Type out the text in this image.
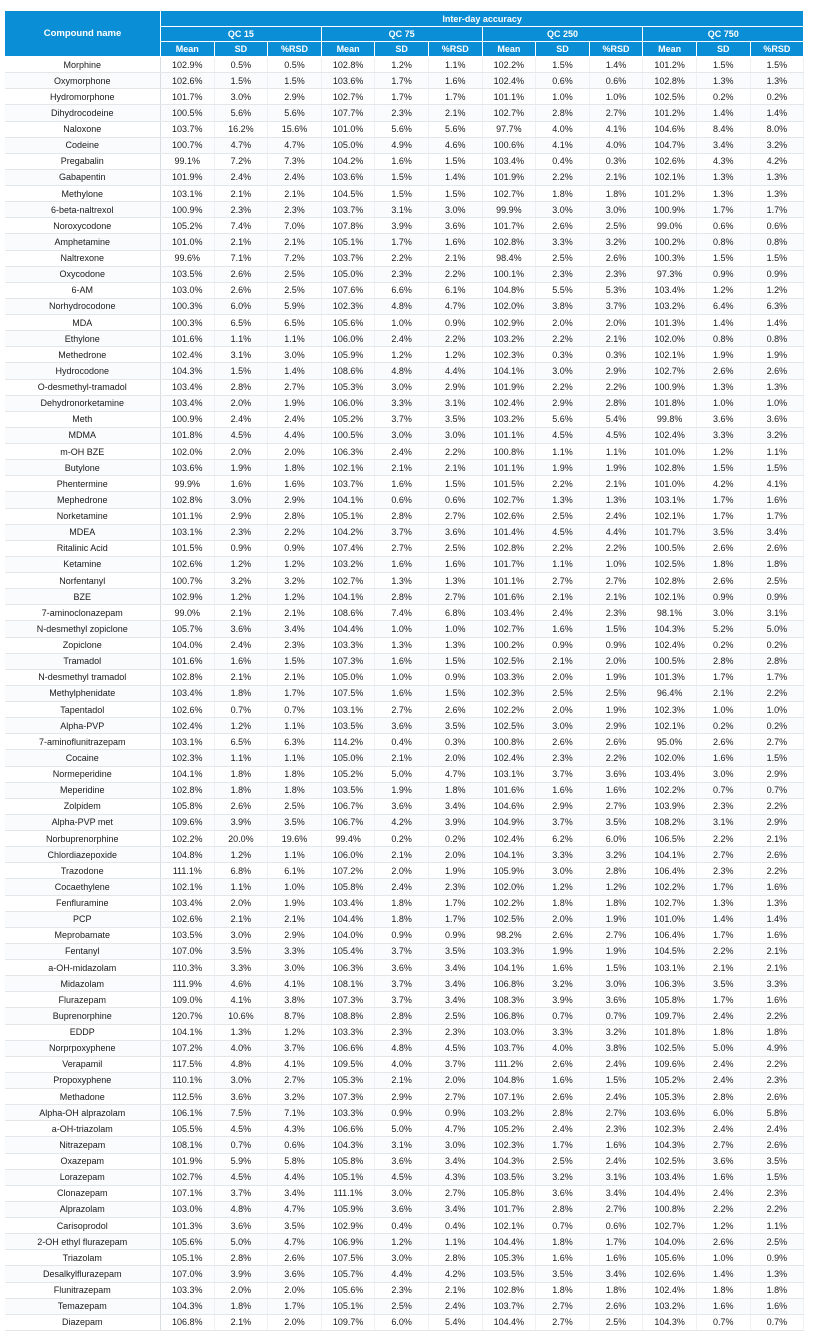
Compound name	Inter-day accuracy											
	QC 15			QC 75			QC 250			QC 750		
	Mean	SD	%RSD	Mean	SD	%RSD	Mean	SD	%RSD	Mean	SD	%RSD
Morphine	102.9%	0.5%	0.5%	102.8%	1.2%	1.1%	102.2%	1.5%	1.4%	101.2%	1.5%	1.5%
Oxymorphone	102.6%	1.5%	1.5%	103.6%	1.7%	1.6%	102.4%	0.6%	0.6%	102.8%	1.3%	1.3%
Hydromorphone	101.7%	3.0%	2.9%	102.7%	1.7%	1.7%	101.1%	1.0%	1.0%	102.5%	0.2%	0.2%
Dihydrocodeine	100.5%	5.6%	5.6%	107.7%	2.3%	2.1%	102.7%	2.8%	2.7%	101.2%	1.4%	1.4%
Naloxone	103.7%	16.2%	15.6%	101.0%	5.6%	5.6%	97.7%	4.0%	4.1%	104.6%	8.4%	8.0%
Codeine	100.7%	4.7%	4.7%	105.0%	4.9%	4.6%	100.6%	4.1%	4.0%	104.7%	3.4%	3.2%
Pregabalin	99.1%	7.2%	7.3%	104.2%	1.6%	1.5%	103.4%	0.4%	0.3%	102.6%	4.3%	4.2%
Gabapentin	101.9%	2.4%	2.4%	103.6%	1.5%	1.4%	101.9%	2.2%	2.1%	102.1%	1.3%	1.3%
Methylone	103.1%	2.1%	2.1%	104.5%	1.5%	1.5%	102.7%	1.8%	1.8%	101.2%	1.3%	1.3%
6-beta-naltrexol	100.9%	2.3%	2.3%	103.7%	3.1%	3.0%	99.9%	3.0%	3.0%	100.9%	1.7%	1.7%
Noroxycodone	105.2%	7.4%	7.0%	107.8%	3.9%	3.6%	101.7%	2.6%	2.5%	99.0%	0.6%	0.6%
Amphetamine	101.0%	2.1%	2.1%	105.1%	1.7%	1.6%	102.8%	3.3%	3.2%	100.2%	0.8%	0.8%
Naltrexone	99.6%	7.1%	7.2%	103.7%	2.2%	2.1%	98.4%	2.5%	2.6%	100.3%	1.5%	1.5%
Oxycodone	103.5%	2.6%	2.5%	105.0%	2.3%	2.2%	100.1%	2.3%	2.3%	97.3%	0.9%	0.9%
6-AM	103.0%	2.6%	2.5%	107.6%	6.6%	6.1%	104.8%	5.5%	5.3%	103.4%	1.2%	1.2%
Norhydrocodone	100.3%	6.0%	5.9%	102.3%	4.8%	4.7%	102.0%	3.8%	3.7%	103.2%	6.4%	6.3%
MDA	100.3%	6.5%	6.5%	105.6%	1.0%	0.9%	102.9%	2.0%	2.0%	101.3%	1.4%	1.4%
Ethylone	101.6%	1.1%	1.1%	106.0%	2.4%	2.2%	103.2%	2.2%	2.1%	102.0%	0.8%	0.8%
Methedrone	102.4%	3.1%	3.0%	105.9%	1.2%	1.2%	102.3%	0.3%	0.3%	102.1%	1.9%	1.9%
Hydrocodone	104.3%	1.5%	1.4%	108.6%	4.8%	4.4%	104.1%	3.0%	2.9%	102.7%	2.6%	2.6%
O-desmethyl-tramadol	103.4%	2.8%	2.7%	105.3%	3.0%	2.9%	101.9%	2.2%	2.2%	100.9%	1.3%	1.3%
Dehydronorketamine	103.4%	2.0%	1.9%	106.0%	3.3%	3.1%	102.4%	2.9%	2.8%	101.8%	1.0%	1.0%
Meth	100.9%	2.4%	2.4%	105.2%	3.7%	3.5%	103.2%	5.6%	5.4%	99.8%	3.6%	3.6%
MDMA	101.8%	4.5%	4.4%	100.5%	3.0%	3.0%	101.1%	4.5%	4.5%	102.4%	3.3%	3.2%
m-OH BZE	102.0%	2.0%	2.0%	106.3%	2.4%	2.2%	100.8%	1.1%	1.1%	101.0%	1.2%	1.1%
Butylone	103.6%	1.9%	1.8%	102.1%	2.1%	2.1%	101.1%	1.9%	1.9%	102.8%	1.5%	1.5%
Phentermine	99.9%	1.6%	1.6%	103.7%	1.6%	1.5%	101.5%	2.2%	2.1%	101.0%	4.2%	4.1%
Mephedrone	102.8%	3.0%	2.9%	104.1%	0.6%	0.6%	102.7%	1.3%	1.3%	103.1%	1.7%	1.6%
Norketamine	101.1%	2.9%	2.8%	105.1%	2.8%	2.7%	102.6%	2.5%	2.4%	102.1%	1.7%	1.7%
MDEA	103.1%	2.3%	2.2%	104.2%	3.7%	3.6%	101.4%	4.5%	4.4%	101.7%	3.5%	3.4%
Ritalinic Acid	101.5%	0.9%	0.9%	107.4%	2.7%	2.5%	102.8%	2.2%	2.2%	100.5%	2.6%	2.6%
Ketamine	102.6%	1.2%	1.2%	103.2%	1.6%	1.6%	101.7%	1.1%	1.0%	102.5%	1.8%	1.8%
Norfentanyl	100.7%	3.2%	3.2%	102.7%	1.3%	1.3%	101.1%	2.7%	2.7%	102.8%	2.6%	2.5%
BZE	102.9%	1.2%	1.2%	104.1%	2.8%	2.7%	101.6%	2.1%	2.1%	102.1%	0.9%	0.9%
7-aminoclonazepam	99.0%	2.1%	2.1%	108.6%	7.4%	6.8%	103.4%	2.4%	2.3%	98.1%	3.0%	3.1%
N-desmethyl zopiclone	105.7%	3.6%	3.4%	104.4%	1.0%	1.0%	102.7%	1.6%	1.5%	104.3%	5.2%	5.0%
Zopiclone	104.0%	2.4%	2.3%	103.3%	1.3%	1.3%	100.2%	0.9%	0.9%	102.4%	0.2%	0.2%
Tramadol	101.6%	1.6%	1.5%	107.3%	1.6%	1.5%	102.5%	2.1%	2.0%	100.5%	2.8%	2.8%
N-desmethyl tramadol	102.8%	2.1%	2.1%	105.0%	1.0%	0.9%	103.3%	2.0%	1.9%	101.3%	1.7%	1.7%
Methylphenidate	103.4%	1.8%	1.7%	107.5%	1.6%	1.5%	102.3%	2.5%	2.5%	96.4%	2.1%	2.2%
Tapentadol	102.6%	0.7%	0.7%	103.1%	2.7%	2.6%	102.2%	2.0%	1.9%	102.3%	1.0%	1.0%
Alpha-PVP	102.4%	1.2%	1.1%	103.5%	3.6%	3.5%	102.5%	3.0%	2.9%	102.1%	0.2%	0.2%
7-aminoflunitrazepam	103.1%	6.5%	6.3%	114.2%	0.4%	0.3%	100.8%	2.6%	2.6%	95.0%	2.6%	2.7%
Cocaine	102.3%	1.1%	1.1%	105.0%	2.1%	2.0%	102.4%	2.3%	2.2%	102.0%	1.6%	1.5%
Normeperidine	104.1%	1.8%	1.8%	105.2%	5.0%	4.7%	103.1%	3.7%	3.6%	103.4%	3.0%	2.9%
Meperidine	102.8%	1.8%	1.8%	103.5%	1.9%	1.8%	101.6%	1.6%	1.6%	102.2%	0.7%	0.7%
Zolpidem	105.8%	2.6%	2.5%	106.7%	3.6%	3.4%	104.6%	2.9%	2.7%	103.9%	2.3%	2.2%
Alpha-PVP met	109.6%	3.9%	3.5%	106.7%	4.2%	3.9%	104.9%	3.7%	3.5%	108.2%	3.1%	2.9%
Norbuprenorphine	102.2%	20.0%	19.6%	99.4%	0.2%	0.2%	102.4%	6.2%	6.0%	106.5%	2.2%	2.1%
Chlordiazepoxide	104.8%	1.2%	1.1%	106.0%	2.1%	2.0%	104.1%	3.3%	3.2%	104.1%	2.7%	2.6%
Trazodone	111.1%	6.8%	6.1%	107.2%	2.0%	1.9%	105.9%	3.0%	2.8%	106.4%	2.3%	2.2%
Cocaethylene	102.1%	1.1%	1.0%	105.8%	2.4%	2.3%	102.0%	1.2%	1.2%	102.2%	1.7%	1.6%
Fenfluramine	103.4%	2.0%	1.9%	103.4%	1.8%	1.7%	102.2%	1.8%	1.8%	102.7%	1.3%	1.3%
PCP	102.6%	2.1%	2.1%	104.4%	1.8%	1.7%	102.5%	2.0%	1.9%	101.0%	1.4%	1.4%
Meprobamate	103.5%	3.0%	2.9%	104.0%	0.9%	0.9%	98.2%	2.6%	2.7%	106.4%	1.7%	1.6%
Fentanyl	107.0%	3.5%	3.3%	105.4%	3.7%	3.5%	103.3%	1.9%	1.9%	104.5%	2.2%	2.1%
a-OH-midazolam	110.3%	3.3%	3.0%	106.3%	3.6%	3.4%	104.1%	1.6%	1.5%	103.1%	2.1%	2.1%
Midazolam	111.9%	4.6%	4.1%	108.1%	3.7%	3.4%	106.8%	3.2%	3.0%	106.3%	3.5%	3.3%
Flurazepam	109.0%	4.1%	3.8%	107.3%	3.7%	3.4%	108.3%	3.9%	3.6%	105.8%	1.7%	1.6%
Buprenorphine	120.7%	10.6%	8.7%	108.8%	2.8%	2.5%	106.8%	0.7%	0.7%	109.7%	2.4%	2.2%
EDDP	104.1%	1.3%	1.2%	103.3%	2.3%	2.3%	103.0%	3.3%	3.2%	101.8%	1.8%	1.8%
Norprpoxyphene	107.2%	4.0%	3.7%	106.6%	4.8%	4.5%	103.7%	4.0%	3.8%	102.5%	5.0%	4.9%
Verapamil	117.5%	4.8%	4.1%	109.5%	4.0%	3.7%	111.2%	2.6%	2.4%	109.6%	2.4%	2.2%
Propoxyphene	110.1%	3.0%	2.7%	105.3%	2.1%	2.0%	104.8%	1.6%	1.5%	105.2%	2.4%	2.3%
Methadone	112.5%	3.6%	3.2%	107.3%	2.9%	2.7%	107.1%	2.6%	2.4%	105.3%	2.8%	2.6%
Alpha-OH alprazolam	106.1%	7.5%	7.1%	103.3%	0.9%	0.9%	103.2%	2.8%	2.7%	103.6%	6.0%	5.8%
a-OH-triazolam	105.5%	4.5%	4.3%	106.6%	5.0%	4.7%	105.2%	2.4%	2.3%	102.3%	2.4%	2.4%
Nitrazepam	108.1%	0.7%	0.6%	104.3%	3.1%	3.0%	102.3%	1.7%	1.6%	104.3%	2.7%	2.6%
Oxazepam	101.9%	5.9%	5.8%	105.8%	3.6%	3.4%	104.3%	2.5%	2.4%	102.5%	3.6%	3.5%
Lorazepam	102.7%	4.5%	4.4%	105.1%	4.5%	4.3%	103.5%	3.2%	3.1%	103.4%	1.6%	1.5%
Clonazepam	107.1%	3.7%	3.4%	111.1%	3.0%	2.7%	105.8%	3.6%	3.4%	104.4%	2.4%	2.3%
Alprazolam	103.0%	4.8%	4.7%	105.9%	3.6%	3.4%	101.7%	2.8%	2.7%	100.8%	2.2%	2.2%
Carisoprodol	101.3%	3.6%	3.5%	102.9%	0.4%	0.4%	102.1%	0.7%	0.6%	102.7%	1.2%	1.1%
2-OH ethyl flurazepam	105.6%	5.0%	4.7%	106.9%	1.2%	1.1%	104.4%	1.8%	1.7%	104.0%	2.6%	2.5%
Triazolam	105.1%	2.8%	2.6%	107.5%	3.0%	2.8%	105.3%	1.6%	1.6%	105.6%	1.0%	0.9%
Desalkylflurazepam	107.0%	3.9%	3.6%	105.7%	4.4%	4.2%	103.5%	3.5%	3.4%	102.6%	1.4%	1.3%
Flunitrazepam	103.3%	2.0%	2.0%	105.6%	2.3%	2.1%	102.8%	1.8%	1.8%	102.4%	1.8%	1.8%
Temazepam	104.3%	1.8%	1.7%	105.1%	2.5%	2.4%	103.7%	2.7%	2.6%	103.2%	1.6%	1.6%
Diazepam	106.8%	2.1%	2.0%	109.7%	6.0%	5.4%	104.4%	2.7%	2.5%	104.3%	0.7%	0.7%
